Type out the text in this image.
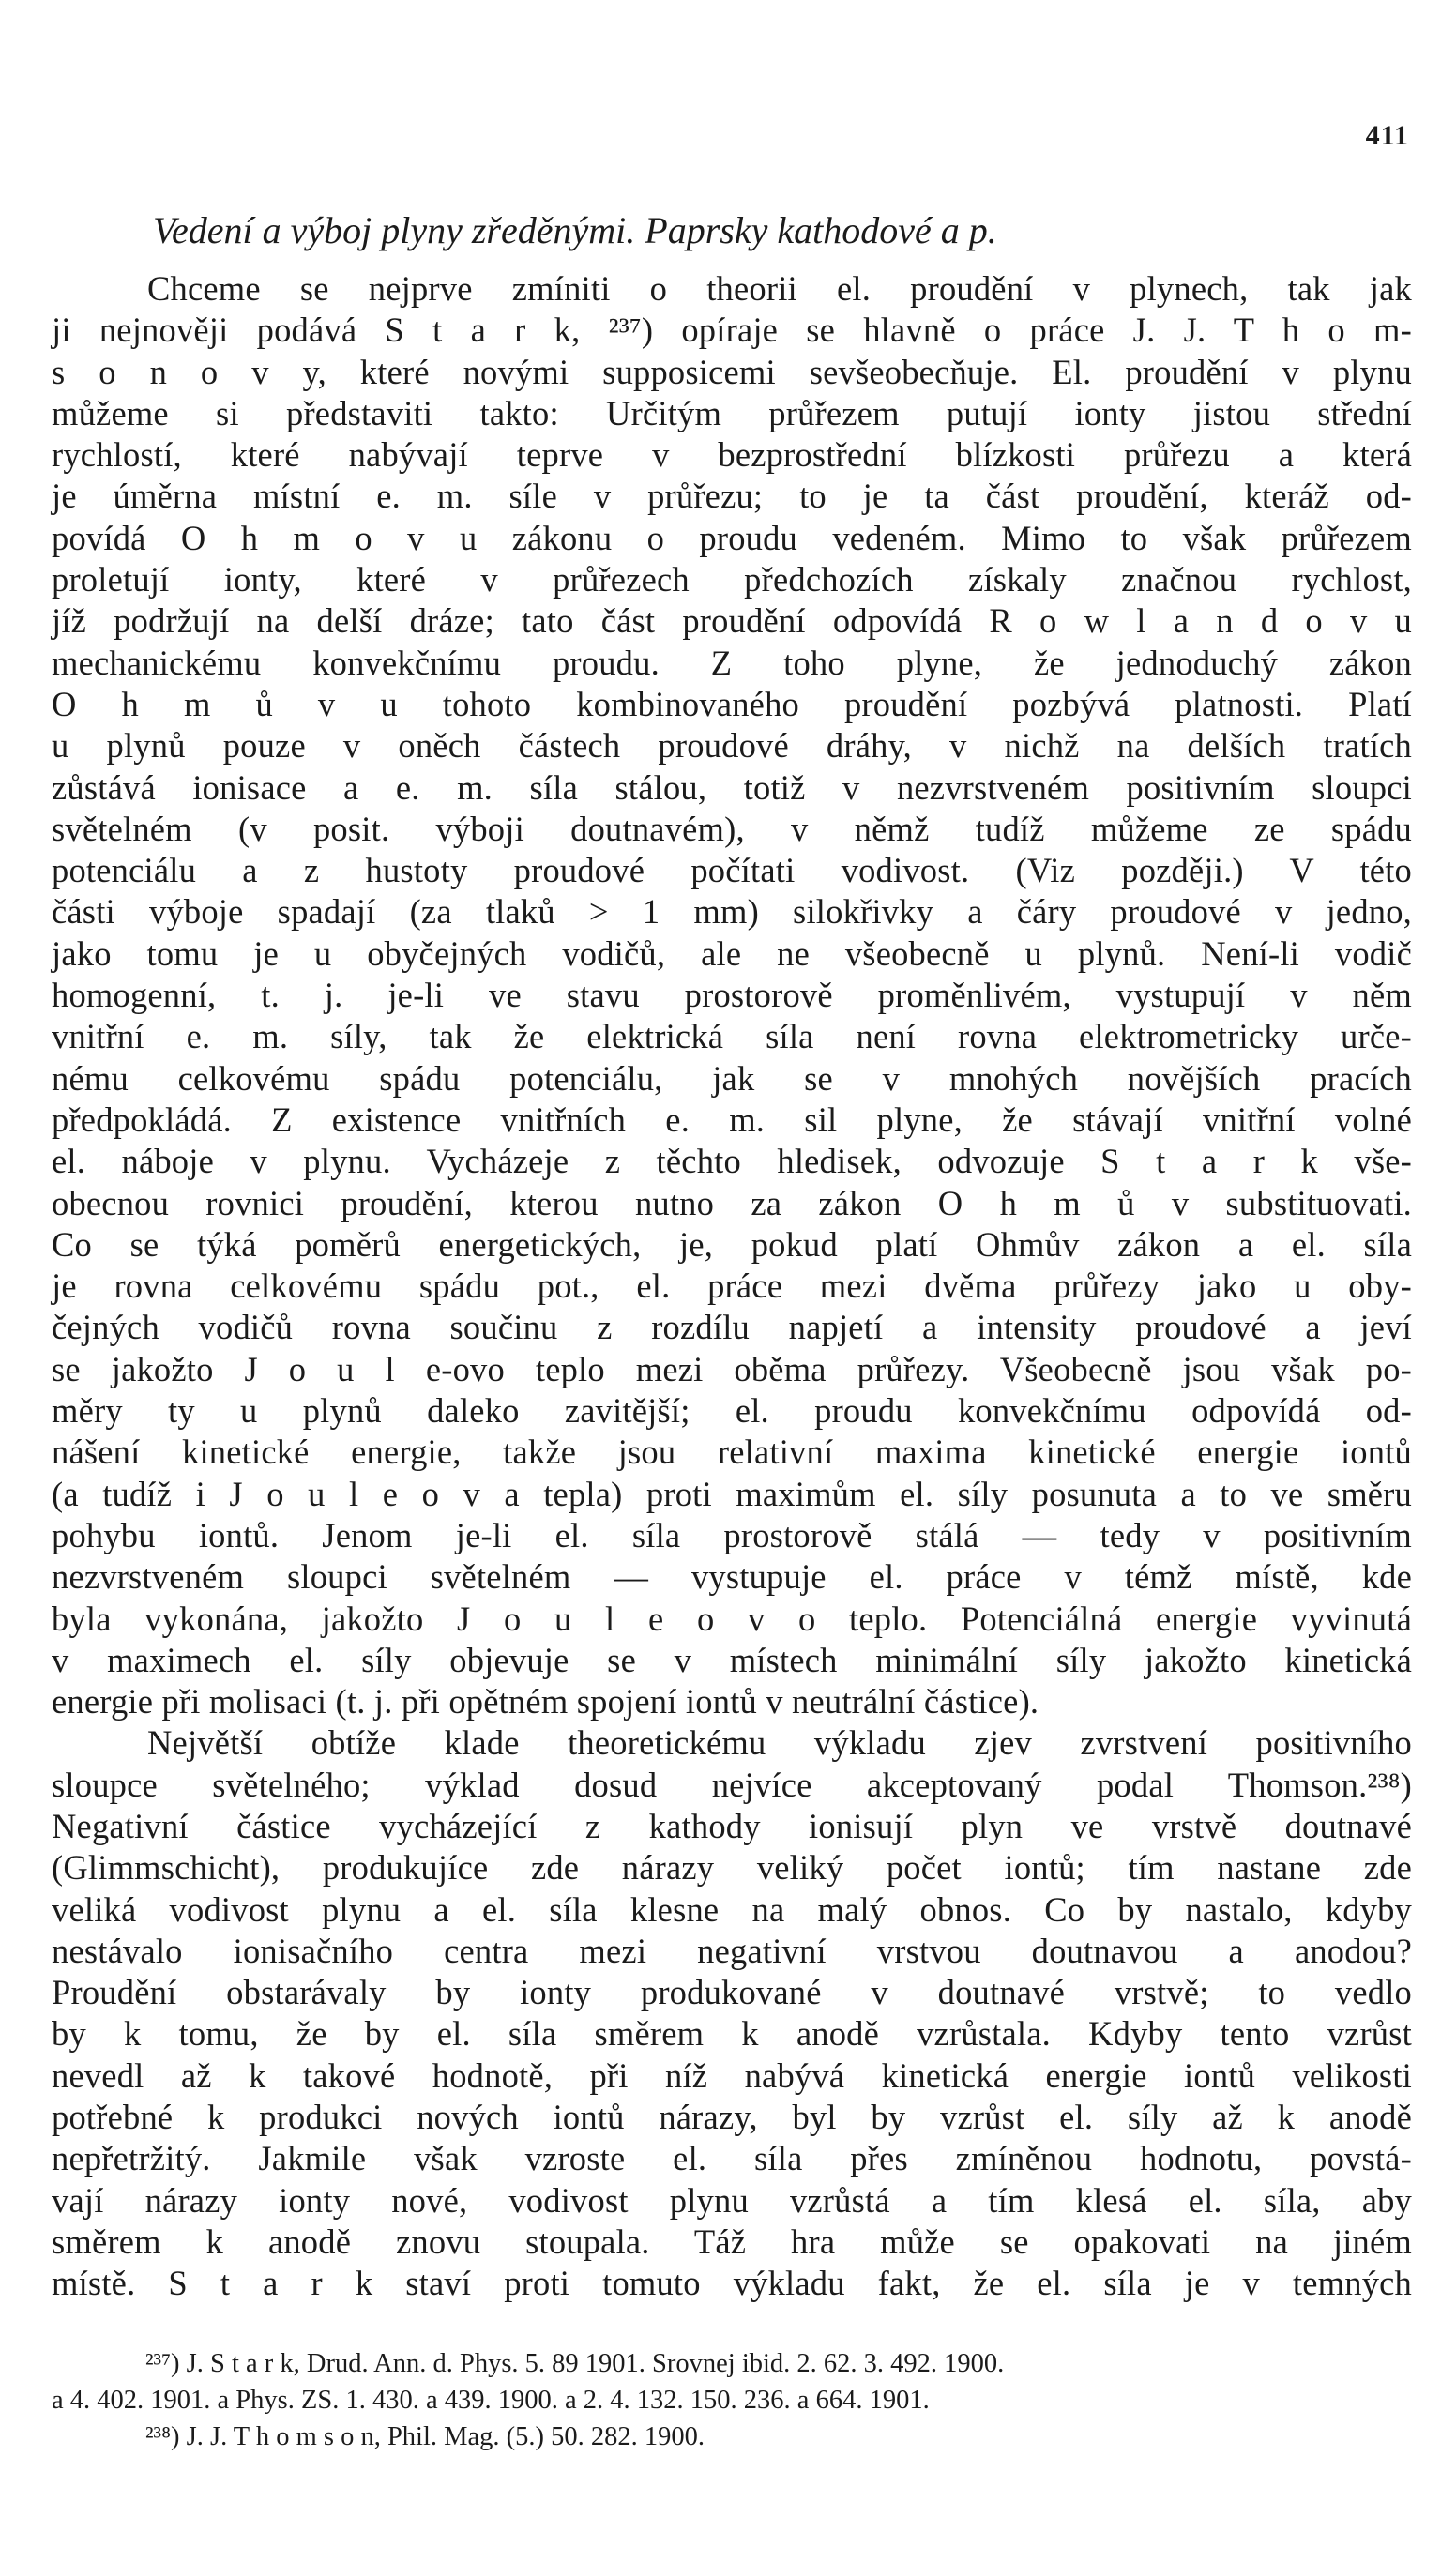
411
Vedení a výboj plyny zředěnými. Paprsky kathodové a p.
Chceme se nejprve zmíniti o theorii el. proudění v plynech, tak jak
ji nejnověji podává S t a r k, ²³⁷) opíraje se hlavně o práce J. J. T h o m-
s o n o v y, které novými supposicemi sevšeobecňuje. El. proudění v plynu
můžeme si představiti takto: Určitým průřezem putují ionty jistou střední
rychlostí, které nabývají teprve v bezprostřední blízkosti průřezu a která
je úměrna místní e. m. síle v průřezu; to je ta část proudění, kteráž od-
povídá O h m o v u zákonu o proudu vedeném. Mimo to však průřezem
proletují ionty, které v průřezech předchozích získaly značnou rychlost,
jíž podržují na delší dráze; tato část proudění odpovídá R o w l a n d o v u
mechanickému konvekčnímu proudu. Z toho plyne, že jednoduchý zákon
O h m ů v u tohoto kombinovaného proudění pozbývá platnosti. Platí
u plynů pouze v oněch částech proudové dráhy, v nichž na delších tratích
zůstává ionisace a e. m. síla stálou, totiž v nezvrstveném positivním sloupci
světelném (v posit. výboji doutnavém), v němž tudíž můžeme ze spádu
potenciálu a z hustoty proudové počítati vodivost. (Viz později.) V této
části výboje spadají (za tlaků > 1 mm) silokřivky a čáry proudové v jedno,
jako tomu je u obyčejných vodičů, ale ne všeobecně u plynů. Není-li vodič
homogenní, t. j. je-li ve stavu prostorově proměnlivém, vystupují v něm
vnitřní e. m. síly, tak že elektrická síla není rovna elektrometricky urče-
nému celkovému spádu potenciálu, jak se v mnohých novějších pracích
předpokládá. Z existence vnitřních e. m. sil plyne, že stávají vnitřní volné
el. náboje v plynu. Vycházeje z těchto hledisek, odvozuje S t a r k vše-
obecnou rovnici proudění, kterou nutno za zákon O h m ů v substituovati.
Co se týká poměrů energetických, je, pokud platí Ohmův zákon a el. síla
je rovna celkovému spádu pot., el. práce mezi dvěma průřezy jako u oby-
čejných vodičů rovna součinu z rozdílu napjetí a intensity proudové a jeví
se jakožto J o u l e-ovo teplo mezi oběma průřezy. Všeobecně jsou však po-
měry ty u plynů daleko zavitější; el. proudu konvekčnímu odpovídá od-
nášení kinetické energie, takže jsou relativní maxima kinetické energie iontů
(a tudíž i J o u l e o v a tepla) proti maximům el. síly posunuta a to ve směru
pohybu iontů. Jenom je-li el. síla prostorově stálá — tedy v positivním
nezvrstveném sloupci světelném — vystupuje el. práce v témž místě, kde
byla vykonána, jakožto J o u l e o v o teplo. Potenciálná energie vyvinutá
v maximech el. síly objevuje se v místech minimální síly jakožto kinetická
energie při molisaci (t. j. při opětném spojení iontů v neutrální částice).
Největší obtíže klade theoretickému výkladu zjev zvrstvení positivního
sloupce světelného; výklad dosud nejvíce akceptovaný podal Thomson.²³⁸)
Negativní částice vycházející z kathody ionisují plyn ve vrstvě doutnavé
(Glimmschicht), produkujíce zde nárazy veliký počet iontů; tím nastane zde
veliká vodivost plynu a el. síla klesne na malý obnos. Co by nastalo, kdyby
nestávalo ionisačního centra mezi negativní vrstvou doutnavou a anodou?
Proudění obstarávaly by ionty produkované v doutnavé vrstvě; to vedlo
by k tomu, že by el. síla směrem k anodě vzrůstala. Kdyby tento vzrůst
nevedl až k takové hodnotě, při níž nabývá kinetická energie iontů velikosti
potřebné k produkci nových iontů nárazy, byl by vzrůst el. síly až k anodě
nepřetržitý. Jakmile však vzroste el. síla přes zmíněnou hodnotu, povstá-
vají nárazy ionty nové, vodivost plynu vzrůstá a tím klesá el. síla, aby
směrem k anodě znovu stoupala. Táž hra může se opakovati na jiném
místě. S t a r k staví proti tomuto výkladu fakt, že el. síla je v temných
²³⁷) J. S t a r k, Drud. Ann. d. Phys. 5. 89 1901. Srovnej ibid. 2. 62. 3. 492. 1900.
a 4. 402. 1901. a Phys. ZS. 1. 430. a 439. 1900. a 2. 4. 132. 150. 236. a 664. 1901.
²³⁸) J. J. T h o m s o n, Phil. Mag. (5.) 50. 282. 1900.
